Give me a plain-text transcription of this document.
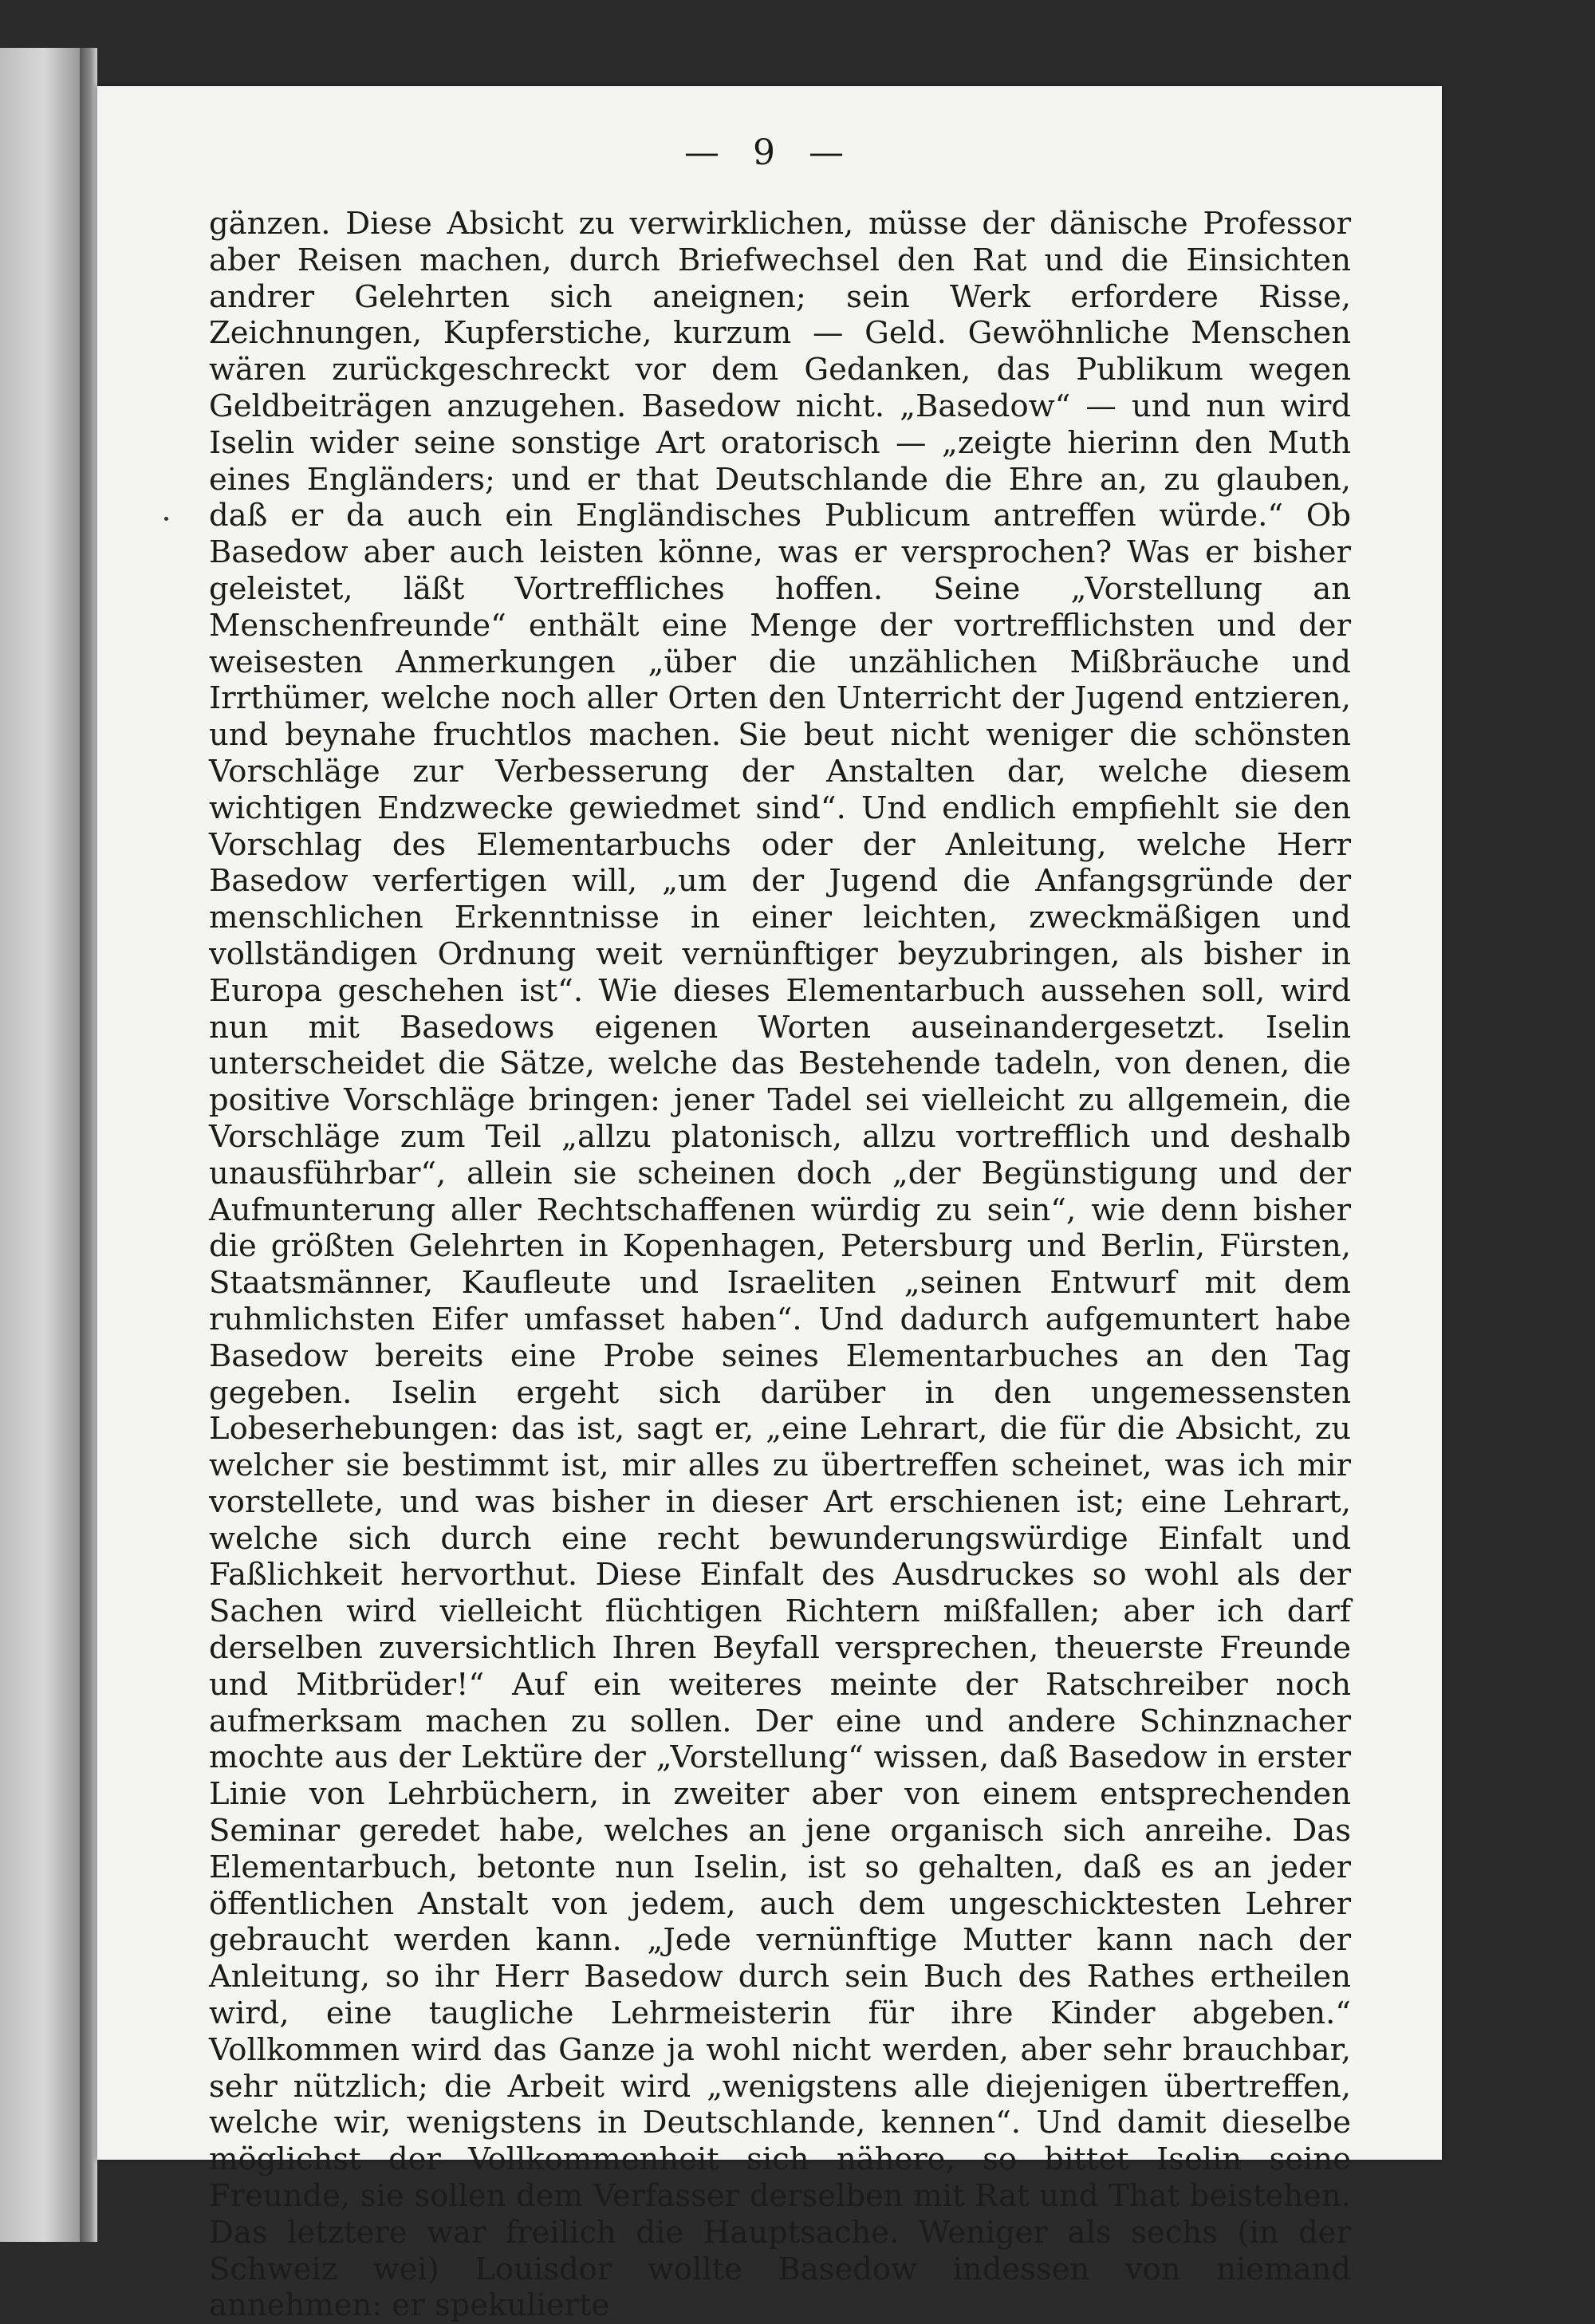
— 9 —

gänzen. Diese Absicht zu verwirklichen, müsse der dänische Professor aber Reisen machen, durch Briefwechsel den Rat und die Einsichten andrer Gelehrten sich aneignen; sein Werk erfordere Risse, Zeichnungen, Kupferstiche, kurzum — Geld. Gewöhnliche Menschen wären zurückgeschreckt vor dem Gedanken, das Publikum wegen Geldbeiträgen anzugehen. Basedow nicht. „Basedow“ — und nun wird Iselin wider seine sonstige Art oratorisch — „zeigte hierinn den Muth eines Engländers; und er that Deutschlande die Ehre an, zu glauben, daß er da auch ein Engländisches Publicum antreffen würde.“ Ob Basedow aber auch leisten könne, was er versprochen? Was er bisher geleistet, läßt Vortreffliches hoffen. Seine „Vorstellung an Menschenfreunde“ enthält eine Menge der vortrefflichsten und der weisesten Anmerkungen „über die unzählichen Mißbräuche und Irrthümer, welche noch aller Orten den Unterricht der Jugend entzieren, und beynahe fruchtlos machen. Sie beut nicht weniger die schönsten Vorschläge zur Verbesserung der Anstalten dar, welche diesem wichtigen Endzwecke gewiedmet sind“. Und endlich empfiehlt sie den Vorschlag des Elementarbuchs oder der Anleitung, welche Herr Basedow verfertigen will, „um der Jugend die Anfangsgründe der menschlichen Erkenntnisse in einer leichten, zweckmäßigen und vollständigen Ordnung weit vernünftiger beyzubringen, als bisher in Europa geschehen ist“. Wie dieses Elementarbuch aussehen soll, wird nun mit Basedows eigenen Worten auseinandergesetzt. Iselin unterscheidet die Sätze, welche das Bestehende tadeln, von denen, die positive Vorschläge bringen: jener Tadel sei vielleicht zu allgemein, die Vorschläge zum Teil „allzu platonisch, allzu vortrefflich und deshalb unausführbar“, allein sie scheinen doch „der Begünstigung und der Aufmunterung aller Rechtschaffenen würdig zu sein“, wie denn bisher die größten Gelehrten in Kopenhagen, Petersburg und Berlin, Fürsten, Staatsmänner, Kaufleute und Israeliten „seinen Entwurf mit dem ruhmlichsten Eifer umfasset haben“. Und dadurch aufgemuntert habe Basedow bereits eine Probe seines Elementarbuches an den Tag gegeben. Iselin ergeht sich darüber in den ungemessensten Lobeserhebungen: das ist, sagt er, „eine Lehrart, die für die Absicht, zu welcher sie bestimmt ist, mir alles zu übertreffen scheinet, was ich mir vorstellete, und was bisher in dieser Art erschienen ist; eine Lehrart, welche sich durch eine recht bewunderungswürdige Einfalt und Faßlichkeit hervorthut. Diese Einfalt des Ausdruckes so wohl als der Sachen wird vielleicht flüchtigen Richtern mißfallen; aber ich darf derselben zuversichtlich Ihren Beyfall versprechen, theuerste Freunde und Mitbrüder!“ Auf ein weiteres meinte der Ratschreiber noch aufmerksam machen zu sollen. Der eine und andere Schinznacher mochte aus der Lektüre der „Vorstellung“ wissen, daß Basedow in erster Linie von Lehrbüchern, in zweiter aber von einem entsprechenden Seminar geredet habe, welches an jene organisch sich anreihe. Das Elementarbuch, betonte nun Iselin, ist so gehalten, daß es an jeder öffentlichen Anstalt von jedem, auch dem ungeschicktesten Lehrer gebraucht werden kann. „Jede vernünftige Mutter kann nach der Anleitung, so ihr Herr Basedow durch sein Buch des Rathes ertheilen wird, eine taugliche Lehrmeisterin für ihre Kinder abgeben.“ Vollkommen wird das Ganze ja wohl nicht werden, aber sehr brauchbar, sehr nützlich; die Arbeit wird „wenigstens alle diejenigen übertreffen, welche wir, wenigstens in Deutschlande, kennen“. Und damit dieselbe möglichst der Vollkommenheit sich nähere, so bittet Iselin seine Freunde, sie sollen dem Verfasser derselben mit Rat und That beistehen. Das letztere war freilich die Hauptsache. Weniger als sechs (in der Schweiz wei) Louisdor wollte Basedow indessen von niemand annehmen: er spekulierte
